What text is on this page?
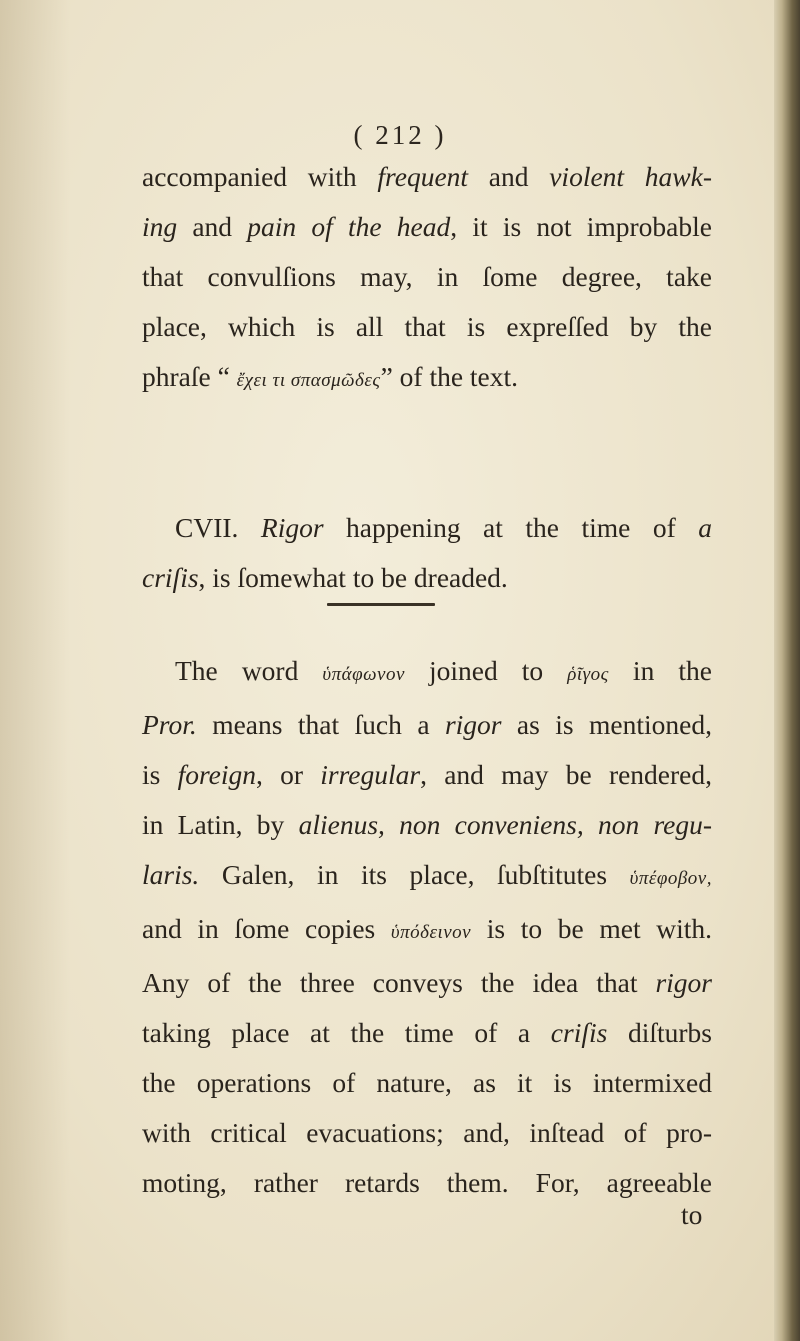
( 212 )
accompanied with frequent and violent hawk-
ing and pain of the head, it is not improbable
that convulſions may, in ſome degree, take
place, which is all that is expreſſed by the
phraſe “ ἔχει τι σπασμῶδες” of the text.
CVII. Rigor happening at the time of a
criſis, is ſomewhat to be dreaded.
The word ὑπάφωνον joined to ῥῖγος in the
Pror. means that ſuch a rigor as is mentioned,
is foreign, or irregular, and may be rendered,
in Latin, by alienus, non conveniens, non regu-
laris. Galen, in its place, ſubſtitutes ὑπέφοβον,
and in ſome copies ὑπόδεινον is to be met with.
Any of the three conveys the idea that rigor
taking place at the time of a criſis diſturbs
the operations of nature, as it is intermixed
with critical evacuations; and, inſtead of pro-
moting, rather retards them. For, agreeable
to
